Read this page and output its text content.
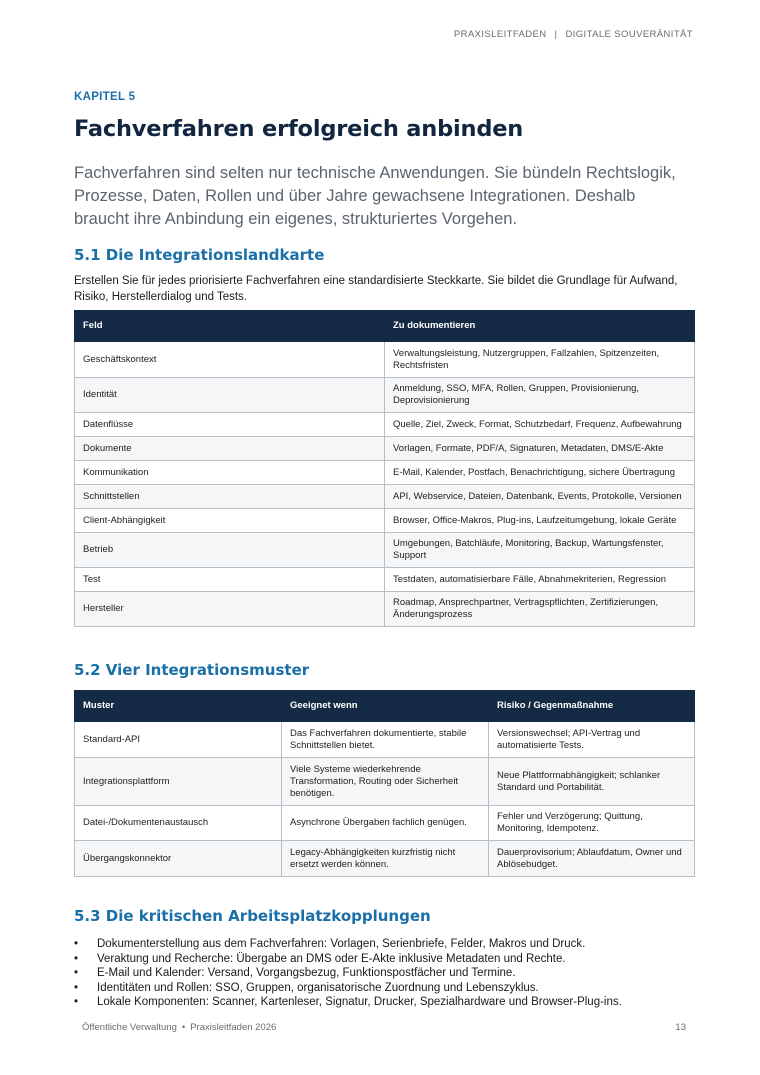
PRAXISLEITFADEN | DIGITALE SOUVERÄNITÄT
KAPITEL 5
Fachverfahren erfolgreich anbinden

Fachverfahren sind selten nur technische Anwendungen. Sie bündeln Rechtslogik, Prozesse, Daten, Rollen und über Jahre gewachsene Integrationen. Deshalb braucht ihre Anbindung ein eigenes, strukturiertes Vorgehen.

5.1 Die Integrationslandkarte

Erstellen Sie für jedes priorisierte Fachverfahren eine standardisierte Steckkarte. Sie bildet die Grundlage für Aufwand, Risiko, Herstellerdialog und Tests.

Feld	Zu dokumentieren
Geschäftskontext	Verwaltungsleistung, Nutzergruppen, Fallzahlen, Spitzenzeiten, Rechtsfristen
Identität	Anmeldung, SSO, MFA, Rollen, Gruppen, Provisionierung, Deprovisionierung
Datenflüsse	Quelle, Ziel, Zweck, Format, Schutzbedarf, Frequenz, Aufbewahrung
Dokumente	Vorlagen, Formate, PDF/A, Signaturen, Metadaten, DMS/E-Akte
Kommunikation	E-Mail, Kalender, Postfach, Benachrichtigung, sichere Übertragung
Schnittstellen	API, Webservice, Dateien, Datenbank, Events, Protokolle, Versionen
Client-Abhängigkeit	Browser, Office-Makros, Plug-ins, Laufzeitumgebung, lokale Geräte
Betrieb	Umgebungen, Batchläufe, Monitoring, Backup, Wartungsfenster, Support
Test	Testdaten, automatisierbare Fälle, Abnahmekriterien, Regression
Hersteller	Roadmap, Ansprechpartner, Vertragspflichten, Zertifizierungen, Änderungsprozess
5.2 Vier Integrationsmuster
Muster	Geeignet wenn	Risiko / Gegenmaßnahme
Standard-API	Das Fachverfahren dokumentierte, stabile Schnittstellen bietet.	Versionswechsel; API-Vertrag und automatisierte Tests.
Integrationsplattform	Viele Systeme wiederkehrende Transformation, Routing oder Sicherheit benötigen.	Neue Plattformabhängigkeit; schlanker Standard und Portabilität.
Datei-/Dokumentenaustausch	Asynchrone Übergaben fachlich genügen.	Fehler und Verzögerung; Quittung, Monitoring, Idempotenz.
Übergangskonnektor	Legacy-Abhängigkeiten kurzfristig nicht ersetzt werden können.	Dauerprovisorium; Ablaufdatum, Owner und Ablösebudget.
5.3 Die kritischen Arbeitsplatzkopplungen
• Dokumenterstellung aus dem Fachverfahren: Vorlagen, Serienbriefe, Felder, Makros und Druck.
• Veraktung und Recherche: Übergabe an DMS oder E-Akte inklusive Metadaten und Rechte.
• E-Mail und Kalender: Versand, Vorgangsbezug, Funktionspostfächer und Termine.
• Identitäten und Rollen: SSO, Gruppen, organisatorische Zuordnung und Lebenszyklus.
• Lokale Komponenten: Scanner, Kartenleser, Signatur, Drucker, Spezialhardware und Browser-Plug-ins.
Öffentliche Verwaltung • Praxisleitfaden 2026	13
